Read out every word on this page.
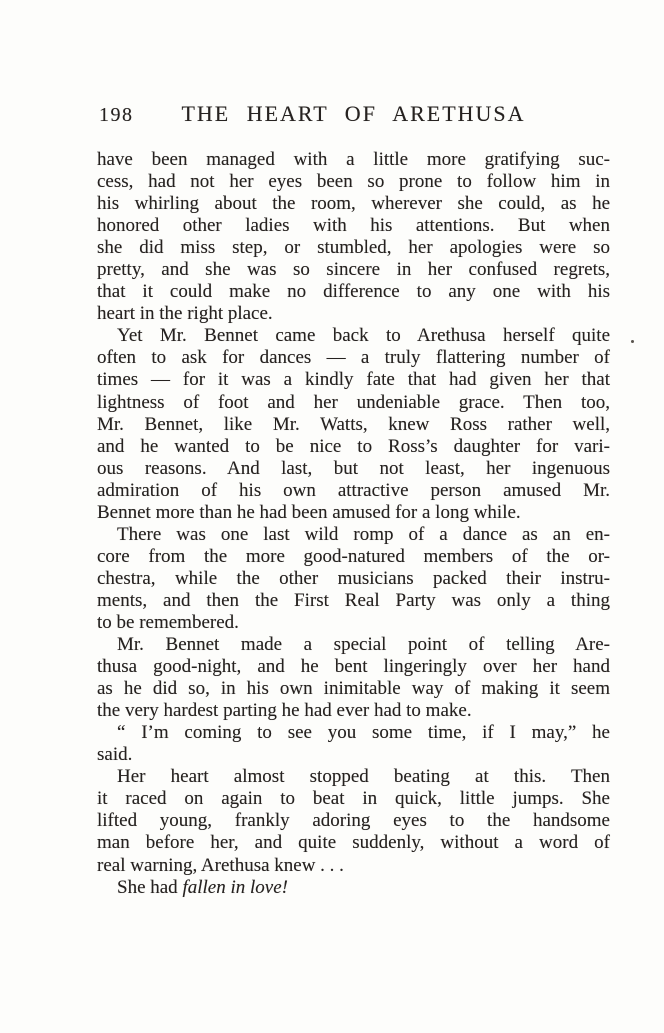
198	THE HEART OF ARETHUSA
have been managed with a little more gratifying suc-
cess, had not her eyes been so prone to follow him in
his whirling about the room, wherever she could, as he
honored other ladies with his attentions. But when
she did miss step, or stumbled, her apologies were so
pretty, and she was so sincere in her confused regrets,
that it could make no difference to any one with his
heart in the right place.
Yet Mr. Bennet came back to Arethusa herself quite
often to ask for dances — a truly flattering number of
times — for it was a kindly fate that had given her that
lightness of foot and her undeniable grace. Then too,
Mr. Bennet, like Mr. Watts, knew Ross rather well,
and he wanted to be nice to Ross’s daughter for vari-
ous reasons. And last, but not least, her ingenuous
admiration of his own attractive person amused Mr.
Bennet more than he had been amused for a long while.
There was one last wild romp of a dance as an en-
core from the more good-natured members of the or-
chestra, while the other musicians packed their instru-
ments, and then the First Real Party was only a thing
to be remembered.
Mr. Bennet made a special point of telling Are-
thusa good-night, and he bent lingeringly over her hand
as he did so, in his own inimitable way of making it seem
the very hardest parting he had ever had to make.
“ I’m coming to see you some time, if I may,” he
said.
Her heart almost stopped beating at this. Then
it raced on again to beat in quick, little jumps. She
lifted young, frankly adoring eyes to the handsome
man before her, and quite suddenly, without a word of
real warning, Arethusa knew . . .
She had fallen in love!
